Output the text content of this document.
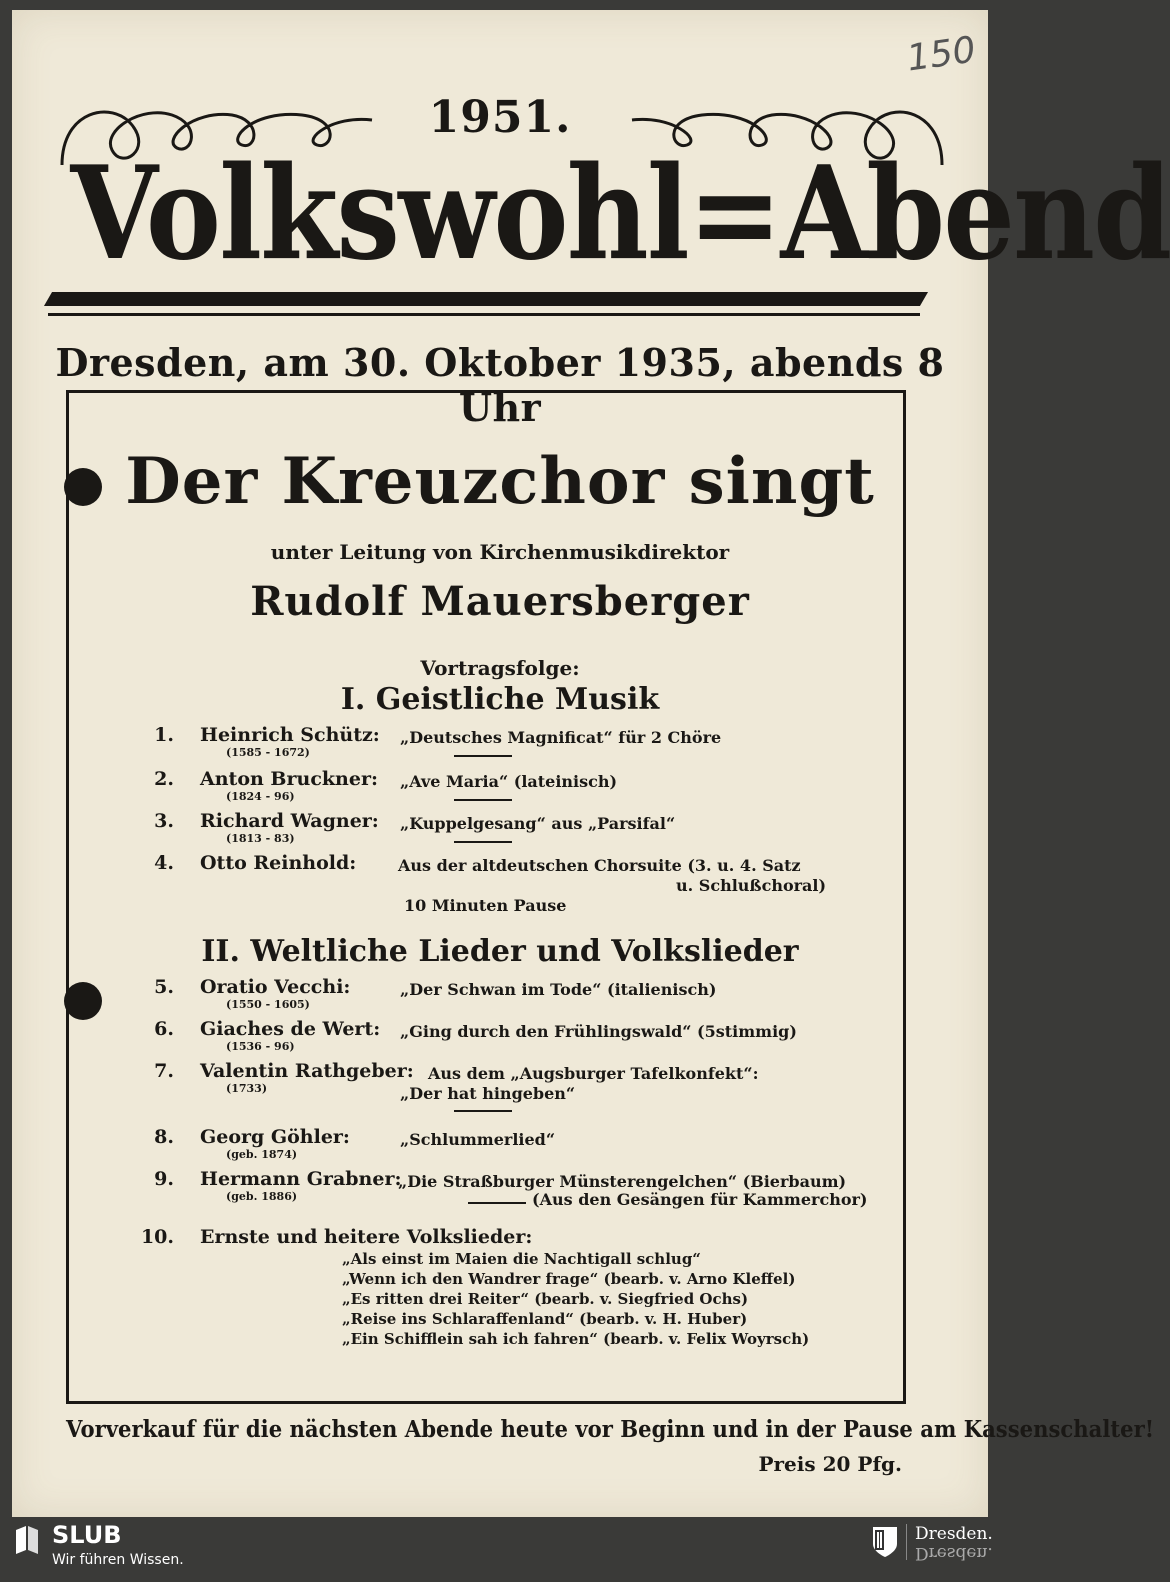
150
1951.
Volkswohl=Abend
Dresden, am 30. Oktober 1935, abends 8 Uhr
Der Kreuzchor singt
unter Leitung von Kirchenmusikdirektor
Rudolf Mauersberger
Vortragsfolge:
I. Geistliche Musik
1. Heinrich Schütz:
(1585 - 1672)
„Deutsches Magnificat“ für 2 Chöre
2. Anton Bruckner:
(1824 - 96)
„Ave Maria“ (lateinisch)
3. Richard Wagner:
(1813 - 83)
„Kuppelgesang“ aus „Parsifal“
4. Otto Reinhold:	Aus der altdeutschen Chorsuite (3. u. 4. Satz
u. Schlußchoral)
10 Minuten Pause
II. Weltliche Lieder und Volkslieder
5. Oratio Vecchi:
(1550 - 1605)
„Der Schwan im Tode“ (italienisch)
6. Giaches de Wert:
(1536 - 96)
„Ging durch den Frühlingswald“ (5stimmig)
7. Valentin Rathgeber:
(1733)
Aus dem „Augsburger Tafelkonfekt“:
„Der hat hingeben“
8. Georg Göhler:
(geb. 1874)
„Schlummerlied“
9. Hermann Grabner:
(geb. 1886)
„Die Straßburger Münsterengelchen“ (Bierbaum)
(Aus den Gesängen für Kammerchor)
10. Ernste und heitere Volkslieder:
„Als einst im Maien die Nachtigall schlug“
„Wenn ich den Wandrer frage“ (bearb. v. Arno Kleffel)
„Es ritten drei Reiter“ (bearb. v. Siegfried Ochs)
„Reise ins Schlaraffenland“ (bearb. v. H. Huber)
„Ein Schifflein sah ich fahren“ (bearb. v. Felix Woyrsch)
Vorverkauf für die nächsten Abende heute vor Beginn und in der Pause am Kassenschalter!
Preis 20 Pfg.
SLUB
Wir führen Wissen.
Dresden.
Dresden.
